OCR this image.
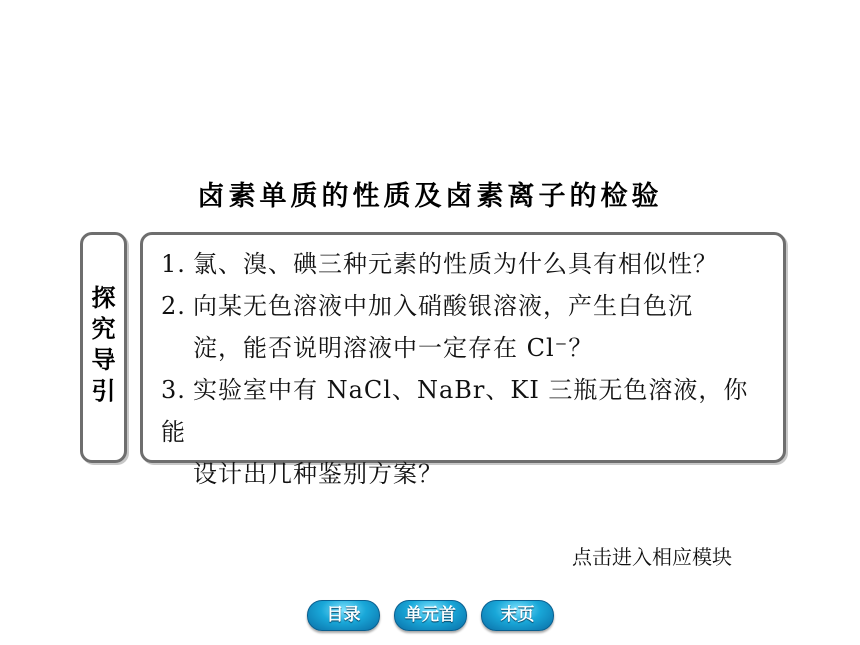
卤素单质的性质及卤素离子的检验
探
究
导
引
1. 氯、溴、碘三种元素的性质为什么具有相似性？
2. 向某无色溶液中加入硝酸银溶液，产生白色沉
淀，能否说明溶液中一定存在 Cl⁻？
3. 实验室中有 NaCl、NaBr、KI 三瓶无色溶液，你能
设计出几种鉴别方案？
点击进入相应模块
目录	单元首	末页
